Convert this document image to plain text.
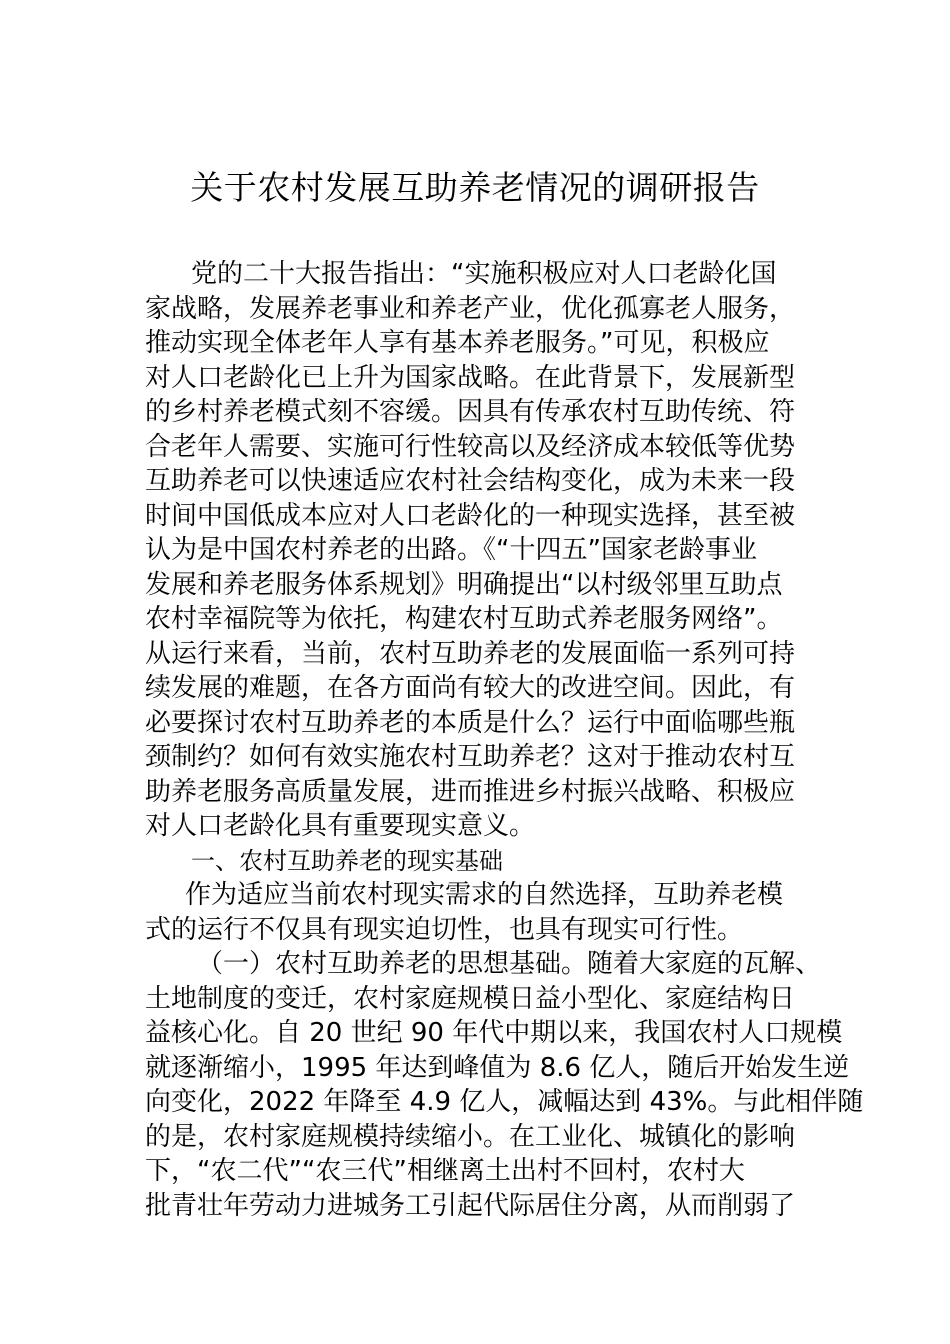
关于农村发展互助养老情况的调研报告
党的二十大报告指出：“实施积极应对人口老龄化国
家战略，发展养老事业和养老产业，优化孤寡老人服务，
推动实现全体老年人享有基本养老服务。”可见，积极应
对人口老龄化已上升为国家战略。在此背景下，发展新型
的乡村养老模式刻不容缓。因具有传承农村互助传统、符
合老年人需要、实施可行性较高以及经济成本较低等优势
互助养老可以快速适应农村社会结构变化，成为未来一段
时间中国低成本应对人口老龄化的一种现实选择，甚至被
认为是中国农村养老的出路。《“十四五”国家老龄事业
发展和养老服务体系规划》明确提出“以村级邻里互助点
农村幸福院等为依托，构建农村互助式养老服务网络”。
从运行来看，当前，农村互助养老的发展面临一系列可持
续发展的难题，在各方面尚有较大的改进空间。因此，有
必要探讨农村互助养老的本质是什么？运行中面临哪些瓶
颈制约？如何有效实施农村互助养老？这对于推动农村互
助养老服务高质量发展，进而推进乡村振兴战略、积极应
对人口老龄化具有重要现实意义。
一、农村互助养老的现实基础
作为适应当前农村现实需求的自然选择，互助养老模
式的运行不仅具有现实迫切性，也具有现实可行性。
（一）农村互助养老的思想基础。随着大家庭的瓦解、
土地制度的变迁，农村家庭规模日益小型化、家庭结构日
益核心化。自 20 世纪 90 年代中期以来，我国农村人口规模
就逐渐缩小，1995 年达到峰值为 8.6 亿人，随后开始发生逆
向变化，2022 年降至 4.9 亿人，减幅达到 43%。与此相伴随
的是，农村家庭规模持续缩小。在工业化、城镇化的影响
下，“农二代”“农三代”相继离土出村不回村，农村大
批青壮年劳动力进城务工引起代际居住分离，从而削弱了
